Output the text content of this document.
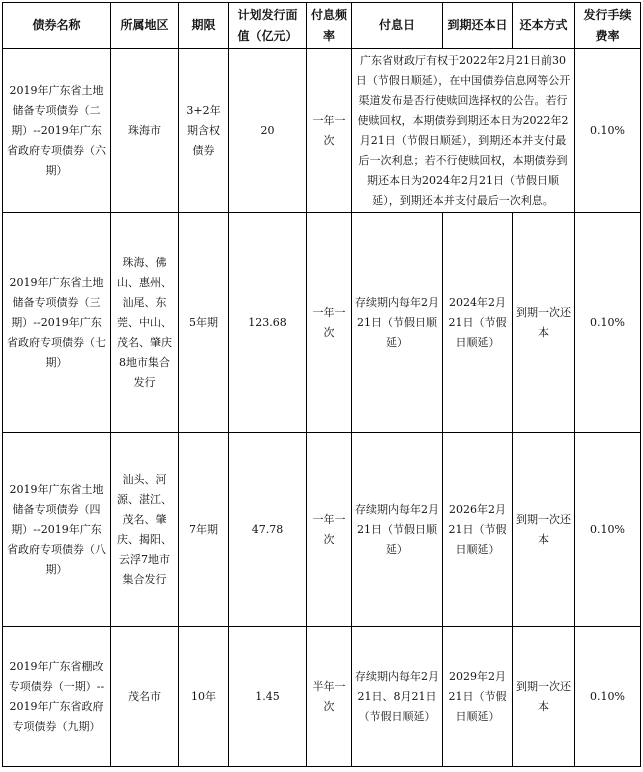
债券名称	所属地区	期限	计划发行面值（亿元）	付息频率	付息日	到期还本日	还本方式	发行手续费率
2019年广东省土地储备专项债券（二期）--2019年广东省政府专项债券（六期）	珠海市	3+2年期含权债券	20	一年一次	广东省财政厅有权于2022年2月21日前30日（节假日顺延），在中国债券信息网等公开渠道发布是否行使赎回选择权的公告。若行使赎回权，本期债券到期还本日为2022年2月21日（节假日顺延），到期还本并支付最后一次利息；若不行使赎回权，本期债券到期还本日为2024年2月21日（节假日顺延），到期还本并支付最后一次利息。			0.10%
2019年广东省土地储备专项债券（三期）--2019年广东省政府专项债券（七期）	珠海、佛山、惠州、汕尾、东莞、中山、茂名、肇庆8地市集合发行	5年期	123.68	一年一次	存续期内每年2月21日（节假日顺延）	2024年2月21日（节假日顺延）	到期一次还本	0.10%
2019年广东省土地储备专项债券（四期）--2019年广东省政府专项债券（八期）	汕头、河源、湛江、茂名、肇庆、揭阳、云浮7地市集合发行	7年期	47.78	一年一次	存续期内每年2月21日（节假日顺延）	2026年2月21日（节假日顺延）	到期一次还本	0.10%
2019年广东省棚改专项债券（一期）--2019年广东省政府专项债券（九期）	茂名市	10年	1.45	半年一次	存续期内每年2月21日、8月21日（节假日顺延）	2029年2月21日（节假日顺延）	到期一次还本	0.10%
